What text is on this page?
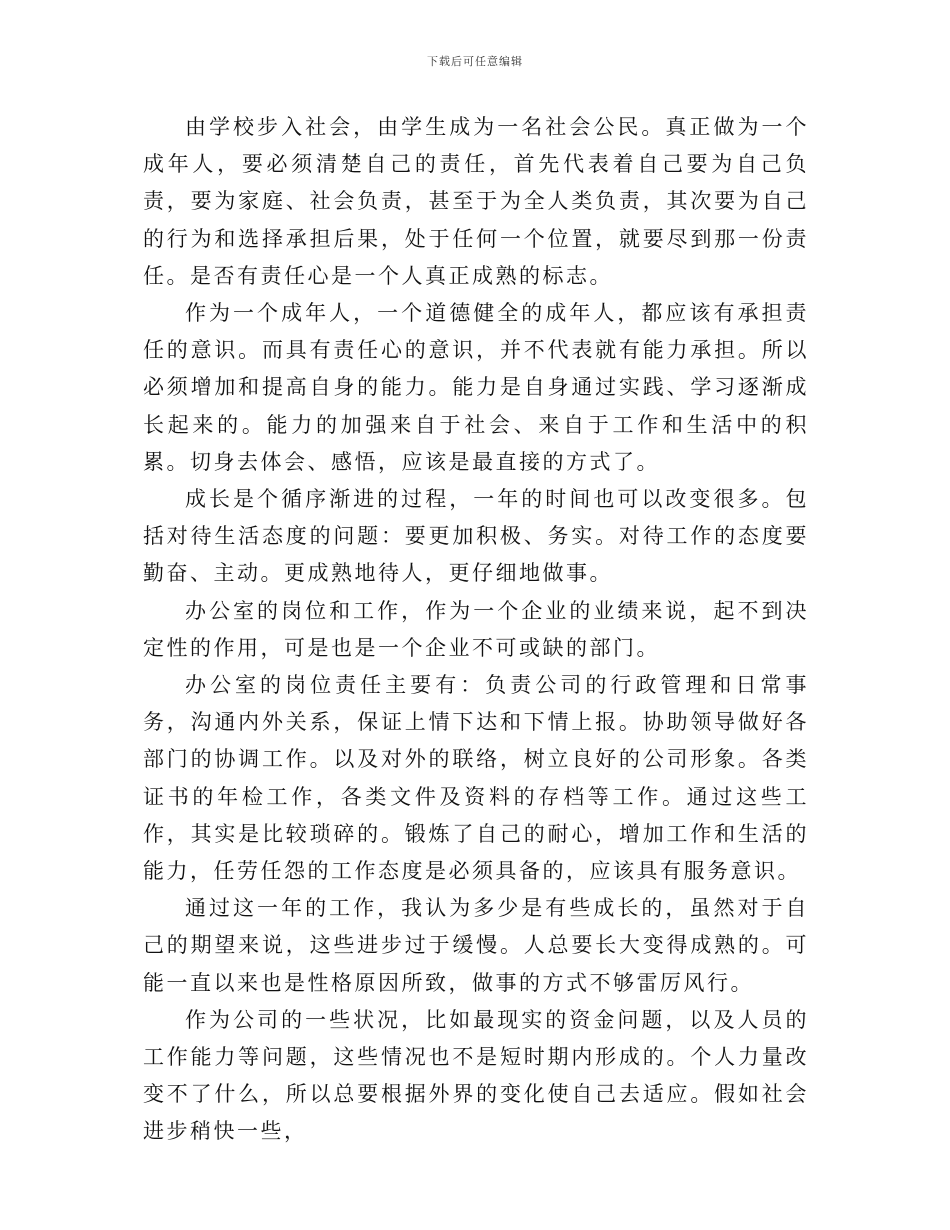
下载后可任意编辑

由学校步入社会，由学生成为一名社会公民。真正做为一个成年人，要必须清楚自己的责任，首先代表着自己要为自己负责，要为家庭、社会负责，甚至于为全人类负责，其次要为自己的行为和选择承担后果，处于任何一个位置，就要尽到那一份责任。是否有责任心是一个人真正成熟的标志。

作为一个成年人，一个道德健全的成年人，都应该有承担责任的意识。而具有责任心的意识，并不代表就有能力承担。所以必须增加和提高自身的能力。能力是自身通过实践、学习逐渐成长起来的。能力的加强来自于社会、来自于工作和生活中的积累。切身去体会、感悟，应该是最直接的方式了。

成长是个循序渐进的过程，一年的时间也可以改变很多。包括对待生活态度的问题：要更加积极、务实。对待工作的态度要勤奋、主动。更成熟地待人，更仔细地做事。

办公室的岗位和工作，作为一个企业的业绩来说，起不到决定性的作用，可是也是一个企业不可或缺的部门。

办公室的岗位责任主要有：负责公司的行政管理和日常事务，沟通内外关系，保证上情下达和下情上报。协助领导做好各部门的协调工作。以及对外的联络，树立良好的公司形象。各类证书的年检工作，各类文件及资料的存档等工作。通过这些工作，其实是比较琐碎的。锻炼了自己的耐心，增加工作和生活的能力，任劳任怨的工作态度是必须具备的，应该具有服务意识。

通过这一年的工作，我认为多少是有些成长的，虽然对于自己的期望来说，这些进步过于缓慢。人总要长大变得成熟的。可能一直以来也是性格原因所致，做事的方式不够雷厉风行。

作为公司的一些状况，比如最现实的资金问题，以及人员的工作能力等问题，这些情况也不是短时期内形成的。个人力量改变不了什么，所以总要根据外界的变化使自己去适应。假如社会进步稍快一些，
